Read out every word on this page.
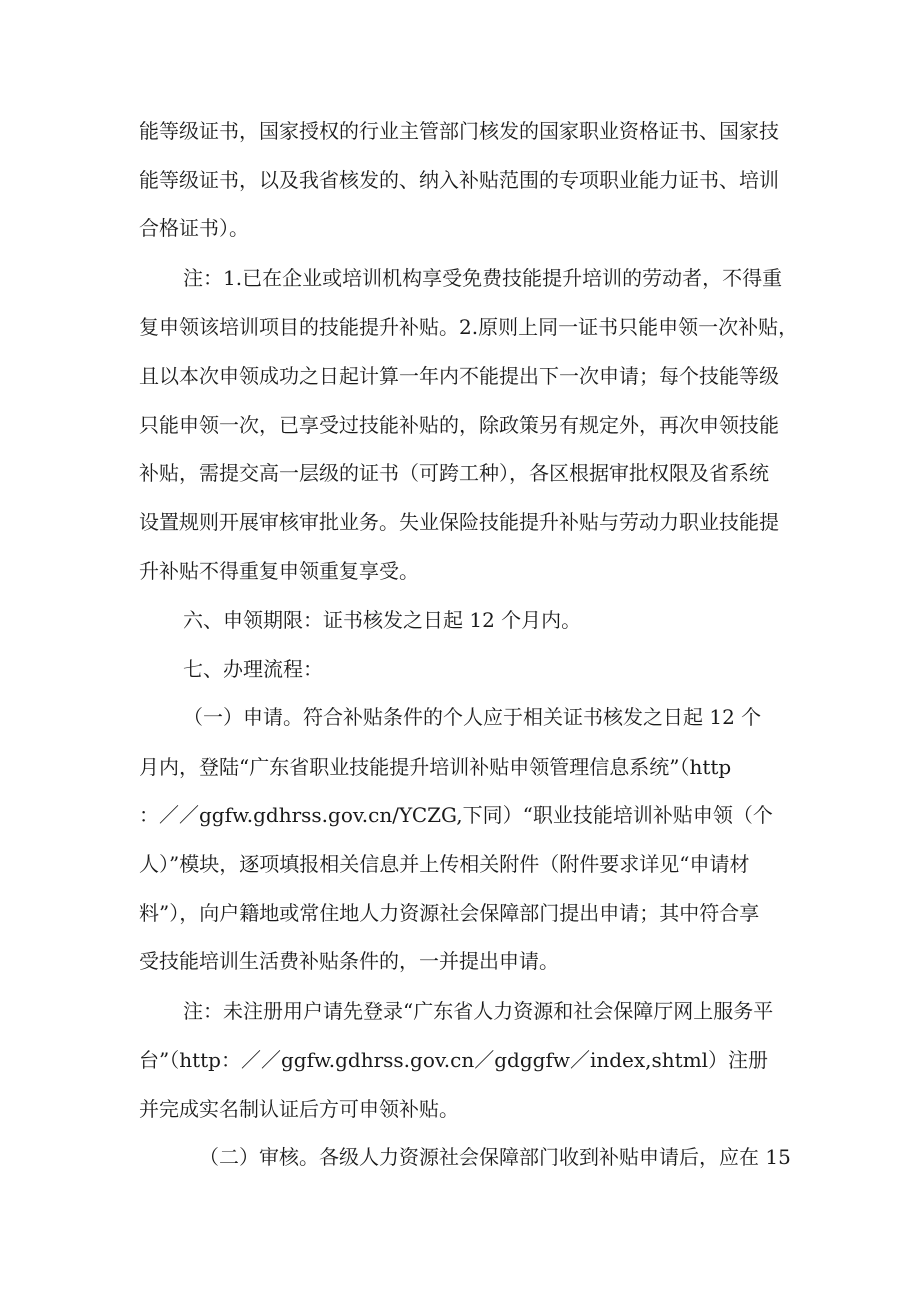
能等级证书，国家授权的行业主管部门核发的国家职业资格证书、国家技
能等级证书，以及我省核发的、纳入补贴范围的专项职业能力证书、培训
合格证书）。
注：1.已在企业或培训机构享受免费技能提升培训的劳动者，不得重
复申领该培训项目的技能提升补贴。2.原则上同一证书只能申领一次补贴，
且以本次申领成功之日起计算一年内不能提出下一次申请；每个技能等级
只能申领一次，已享受过技能补贴的，除政策另有规定外，再次申领技能
补贴，需提交高一层级的证书（可跨工种），各区根据审批权限及省系统
设置规则开展审核审批业务。失业保险技能提升补贴与劳动力职业技能提
升补贴不得重复申领重复享受。
六、申领期限：证书核发之日起 12 个月内。
七、办理流程：
（一）申请。符合补贴条件的个人应于相关证书核发之日起 12 个
月内，登陆“广东省职业技能提升培训补贴申领管理信息系统”（http
：／／ggfw.gdhrss.gov.cn/YCZG,下同）“职业技能培训补贴申领（个
人）”模块，逐项填报相关信息并上传相关附件（附件要求详见“申请材
料”），向户籍地或常住地人力资源社会保障部门提出申请；其中符合享
受技能培训生活费补贴条件的，一并提出申请。
注：未注册用户请先登录“广东省人力资源和社会保障厅网上服务平
台”（http：／／ggfw.gdhrss.gov.cn／gdggfw／index,shtml）注册
并完成实名制认证后方可申领补贴。
（二）审核。各级人力资源社会保障部门收到补贴申请后，应在 15
